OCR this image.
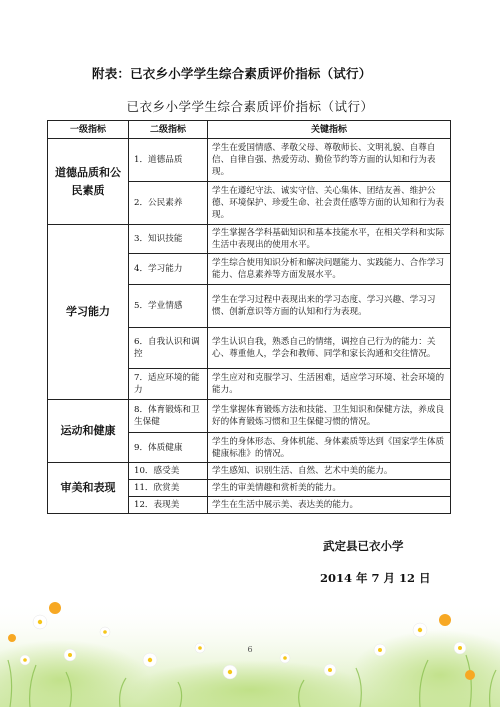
附表：已衣乡小学学生综合素质评价指标（试行）
已衣乡小学学生综合素质评价指标（试行）
一级指标	二级指标	关键指标
道德品质和公民素质	1．道德品质	学生在爱国情感、孝敬父母、尊敬师长、文明礼貌、自尊自信、自律自强、热爱劳动、勤俭节约等方面的认知和行为表现。
	2．公民素养	学生在遵纪守法、诚实守信、关心集体、团结友善、维护公德、环境保护、珍爱生命、社会责任感等方面的认知和行为表现。
学习能力	3．知识技能	学生掌握各学科基础知识和基本技能水平，在相关学科和实际生活中表现出的使用水平。
	4．学习能力	学生综合使用知识分析和解决问题能力、实践能力、合作学习能力、信息素养等方面发展水平。
	5．学业情感	学生在学习过程中表现出来的学习态度、学习兴趣、学习习惯、创新意识等方面的认知和行为表现。
	6．自我认识和调控	学生认识自我，熟悉自己的情绪，调控自己行为的能力：关心、尊重他人，学会和教师、同学和家长沟通和交往情况。
	7．适应环境的能力	学生应对和克服学习、生活困难，适应学习环境、社会环境的能力。
运动和健康	8．体育锻炼和卫生保健	学生掌握体育锻炼方法和技能、卫生知识和保健方法，养成良好的体育锻炼习惯和卫生保健习惯的情况。
	9．体质健康	学生的身体形态、身体机能、身体素质等达到《国家学生体质健康标准》的情况。
审美和表现	10．感受美	学生感知、识别生活、自然、艺术中美的能力。
	11．欣赏美	学生的审美情趣和赏析美的能力。
	12．表现美	学生在生活中展示美、表达美的能力。
武定县已衣小学
2014 年 7 月 12 日
6
